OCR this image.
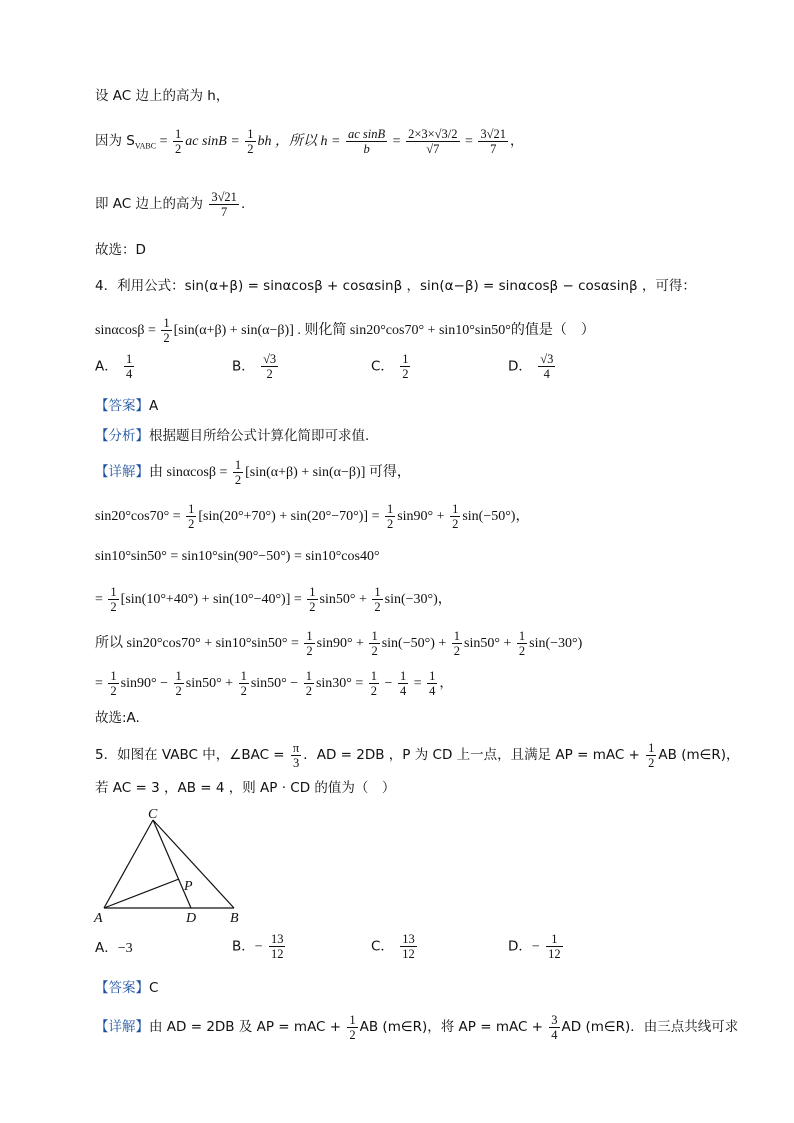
设 AC 边上的高为 h，
因为 $S_{VABC} = \frac{1}{2}$ ac $\sin B = \frac{1}{2}$ bh ，所以 $h = \frac{\text{ac sinB}}{b} = \frac{2\times 3\times√3/2}{√7} = \frac{3√21}{7}$ ，
即 AC 边上的高为 $\frac{3√21}{7}$ .
故选：D
4．利用公式：sin(α+β) = sinαcosβ + cosαsinβ ，sin(α−β) = sinαcosβ − cosαsinβ ，可得：
$\sin\alpha\cos\beta = \frac{1}{2} [\sin(\alpha+\beta) + \sin(\alpha-\beta)]$ . 则化简 sin20°cos70° + sin10°sin50°的值是（　）
A． $\frac{1}{4}$	B． $\frac{√3}{2}$	C． $\frac{1}{2}$	D． $\frac{√3}{4}$
【答案】A
【分析】根据题目所给公式计算化简即可求值.
【详解】由 $\sin\alpha\cos\beta = \frac{1}{2} [\sin(\alpha+\beta) + \sin(\alpha-\beta)]$ 可得，
$\sin 20^\circ\cos 70^\circ = \frac{1}{2} [\sin(20^\circ+70^\circ) + \sin(20^\circ-70^\circ)] = \frac{1}{2} \sin 90^\circ + \frac{1}{2} \sin(-50^\circ)$，
sin10°sin50° = sin10°sin(90°−50°) = sin10°cos40°
= $\frac{1}{2} [\sin(10^\circ+40^\circ) + \sin(10^\circ-40^\circ)] = \frac{1}{2} \sin 50^\circ + \frac{1}{2} \sin(-30^\circ)$，
所以 $\sin 20^\circ\cos 70^\circ + \sin 10^\circ\sin 50^\circ = \frac{1}{2} \sin 90^\circ + \frac{1}{2} \sin(-50^\circ) + \frac{1}{2} \sin 50^\circ + \frac{1}{2} \sin(-30^\circ)$
= $\frac{1}{2} \sin 90^\circ - \frac{1}{2} \sin 50^\circ + \frac{1}{2} \sin 50^\circ - \frac{1}{2} \sin 30^\circ = \frac{1}{2} - \frac{1}{4} = \frac{1}{4}$ ，
故选:A.
5．如图在 VABC 中，∠BAC = $\frac{\pi}{3}$ ．AD = 2DB ，P 为 CD 上一点，且满足 AP = mAC + $\frac{1}{2}$ AB (m∈R)，
若 AC = 3 ，AB = 4 ，则 AP · CD 的值为（　）
C
P
A	D B
A．−3	B．− $\frac{13}{12}$	C． $\frac{13}{12}$	D．− $\frac{1}{12}$
【答案】C
【详解】由 AD = 2DB 及 AP = mAC + $\frac{1}{2}$ AB (m∈R)，将 AP = mAC + $\frac{3}{4}$ AD (m∈R)．由三点共线可求
